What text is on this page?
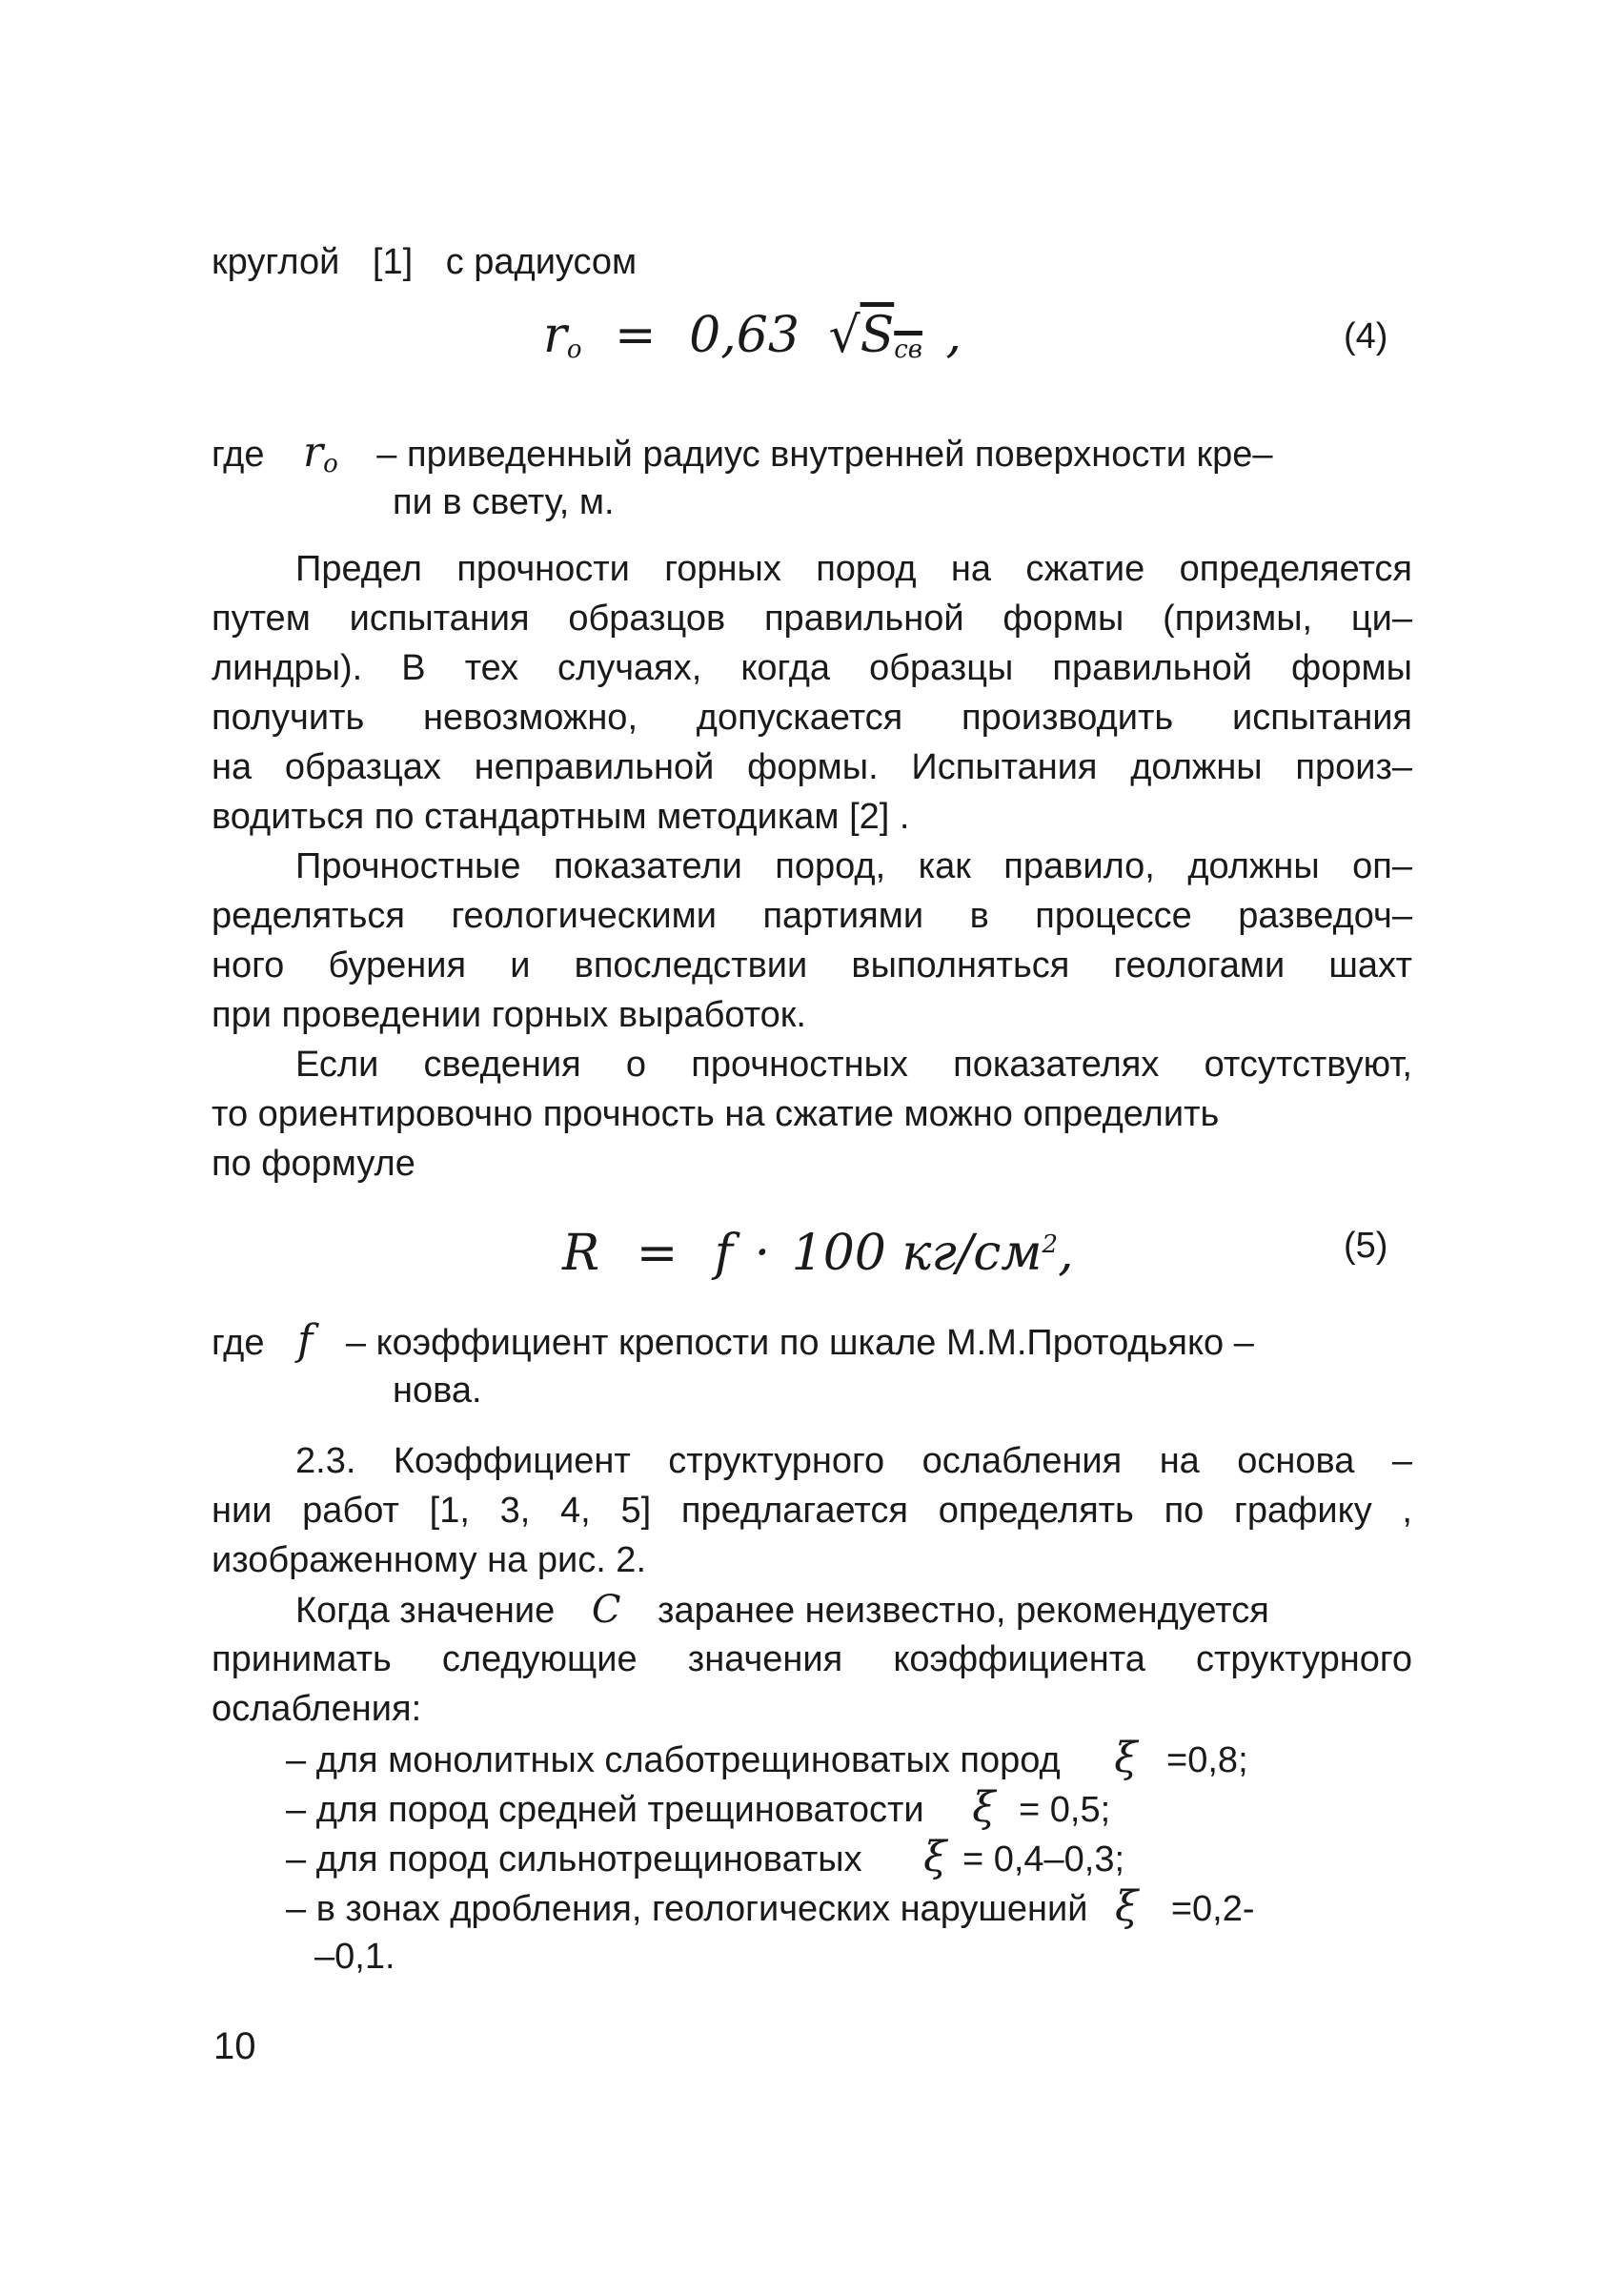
круглой [1] с радиусом
$r_o = 0,63$ $√S_{св}$ ,	(4)
где $r_o$ – приведенный радиус внутренней поверхности кре–
пи в свету, м.
Предел прочности горных пород на сжатие определяется
путем испытания образцов правильной формы (призмы, ци–
линдры). В тех случаях, когда образцы правильной формы
получить невозможно, допускается производить испытания
на образцах неправильной формы. Испытания должны произ–
водиться по стандартным методикам [2] .
Прочностные показатели пород, как правило, должны оп–
ределяться геологическими партиями в процессе разведоч–
ного бурения и впоследствии выполняться геологами шахт
при проведении горных выработок.
Если сведения о прочностных показателях отсутствуют,
то ориентировочно прочность на сжатие можно определить
по формуле
R = f · 100 $кг/см^2$,	(5)
где f – коэффициент крепости по шкале М.М.Протодьяко –
нова.
2.3. Коэффициент структурного ослабления на основа –
нии работ [1, 3, 4, 5] предлагается определять по графику ,
изображенному на рис. 2.
Когда значение C заранее неизвестно, рекомендуется
принимать следующие значения коэффициента структурного
ослабления:
– для монолитных слаботрещиноватых пород ξ =0,8;
– для пород средней трещиноватости ξ = 0,5;
– для пород сильнотрещиноватых ξ = 0,4–0,3;
– в зонах дробления, геологических нарушений ξ =0,2-
–0,1.
10
